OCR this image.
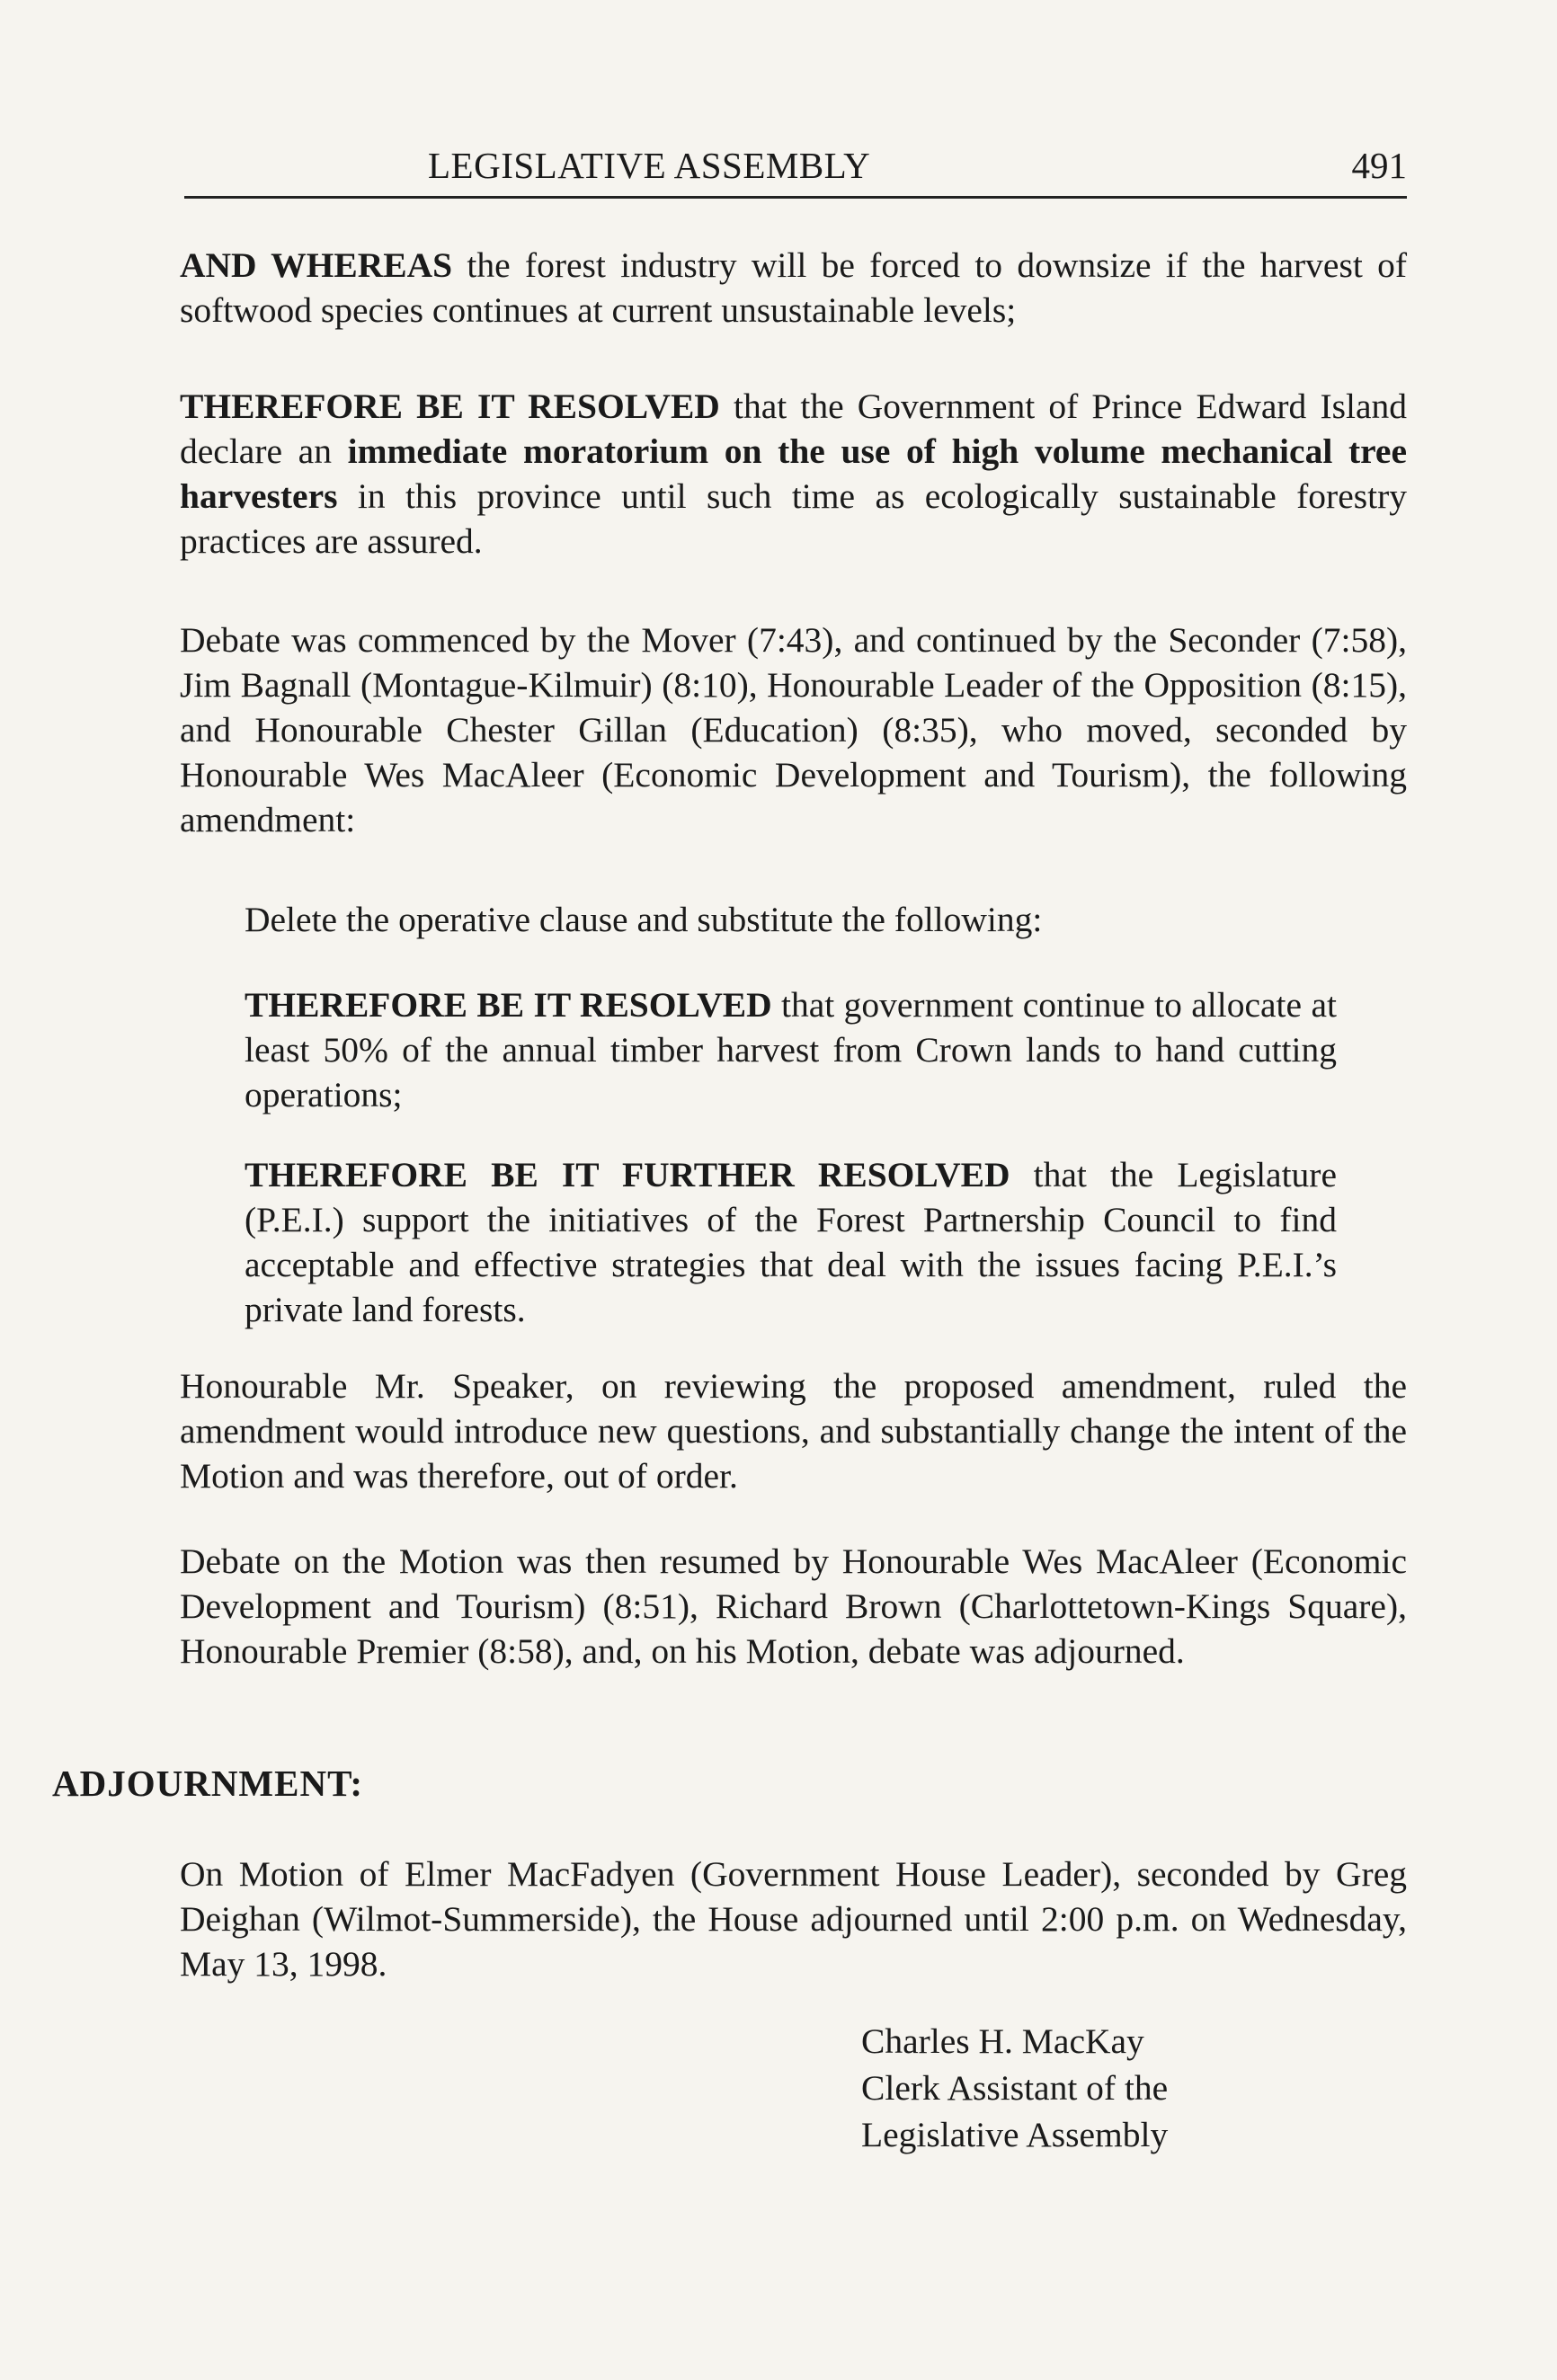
LEGISLATIVE ASSEMBLY	491

AND WHEREAS the forest industry will be forced to downsize if the harvest of softwood species continues at current unsustainable levels;

THEREFORE BE IT RESOLVED that the Government of Prince Edward Island declare an immediate moratorium on the use of high volume mechanical tree harvesters in this province until such time as ecologically sustainable forestry practices are assured.

Debate was commenced by the Mover (7:43), and continued by the Seconder (7:58), Jim Bagnall (Montague-Kilmuir) (8:10), Honourable Leader of the Opposition (8:15), and Honourable Chester Gillan (Education) (8:35), who moved, seconded by Honourable Wes MacAleer (Economic Development and Tourism), the following amendment:

Delete the operative clause and substitute the following:

THEREFORE BE IT RESOLVED that government continue to allocate at least 50% of the annual timber harvest from Crown lands to hand cutting operations;

THEREFORE BE IT FURTHER RESOLVED that the Legislature (P.E.I.) support the initiatives of the Forest Partnership Council to find acceptable and effective strategies that deal with the issues facing P.E.I.’s private land forests.

Honourable Mr. Speaker, on reviewing the proposed amendment, ruled the amendment would introduce new questions, and substantially change the intent of the Motion and was therefore, out of order.

Debate on the Motion was then resumed by Honourable Wes MacAleer (Economic Development and Tourism) (8:51), Richard Brown (Charlottetown-Kings Square), Honourable Premier (8:58), and, on his Motion, debate was adjourned.

ADJOURNMENT:

On Motion of Elmer MacFadyen (Government House Leader), seconded by Greg Deighan (Wilmot-Summerside), the House adjourned until 2:00 p.m. on Wednesday, May 13, 1998.

Charles H. MacKay
Clerk Assistant of the
Legislative Assembly
